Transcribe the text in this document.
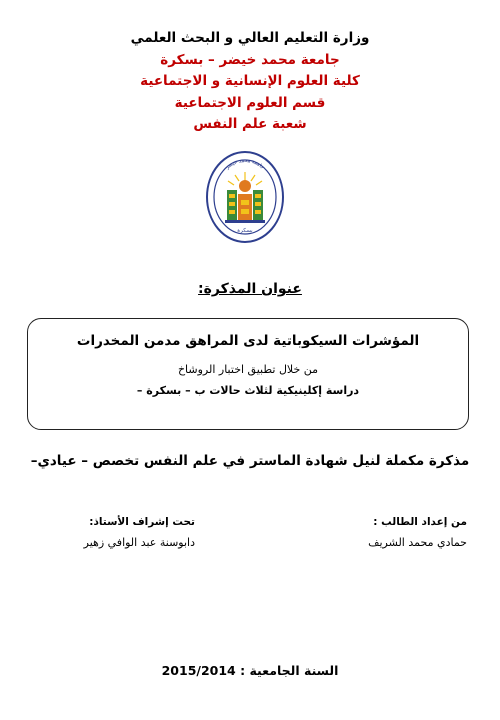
وزارة التعليم العالي و البحث العلمي
جامعة محمد خيضر – بسكرة
كلية العلوم الإنسانية و الاجتماعية
قسم العلوم الاجتماعية
شعبة علم النفس
جامعة محمد خيضر
بسكرة
عنوان المذكرة:
المؤشرات السيكوباتية لدى المراهق مدمن المخدرات
من خلال تطبيق اختبار الروشاخ
دراسة إكلينيكية لثلاث حالات ب – بسكرة –
مذكرة مكملة لنيل شهادة الماستر في علم النفس تخصص – عيادي–
من إعداد الطالب :
حمادي محمد الشريف
تحت إشراف الأستاذ:
دابوسنة عبد الوافي زهير
السنة الجامعية : 2015/2014
